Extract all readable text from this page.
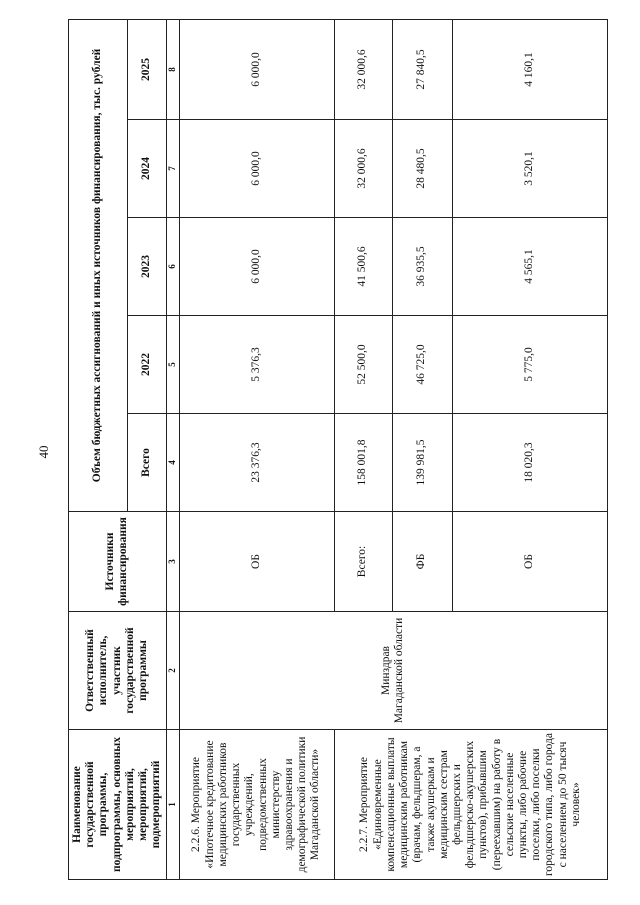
40
Наименование государственной программы, подпрограммы, основных мероприятий, мероприятий, подмероприятий	Ответственный исполнитель, участник государственной программы	Источники финансирования	Объем бюджетных ассигнований и иных источников финансирования, тыс. рублей				
			Всего	2022	2023	2024	2025
1	2	3	4	5	6	7	8
2.2.6. Мероприятие «Ипотечное кредитование медицинских работников государственных учреждений, подведомственных министерству здравоохранения и демографической политики Магаданской области»	Минздрав Магаданской области	ОБ	23 376,3	5 376,3	6 000,0	6 000,0	6 000,0
2.2.7. Мероприятие «Единовременные компенсационные выплаты медицинским работникам (врачам, фельдшерам, а также акушеркам и медицинским сестрам фельдшерских и фельдшерско-акушерских пунктов), прибывшим (переехавшим) на работу в сельские населенные пункты, либо рабочие поселки, либо поселки городского типа, либо города с населением до 50 тысяч человек»		Всего:	158 001,8	52 500,0	41 500,6	32 000,6	32 000,6
		ФБ	139 981,5	46 725,0	36 935,5	28 480,5	27 840,5
		ОБ	18 020,3	5 775,0	4 565,1	3 520,1	4 160,1
